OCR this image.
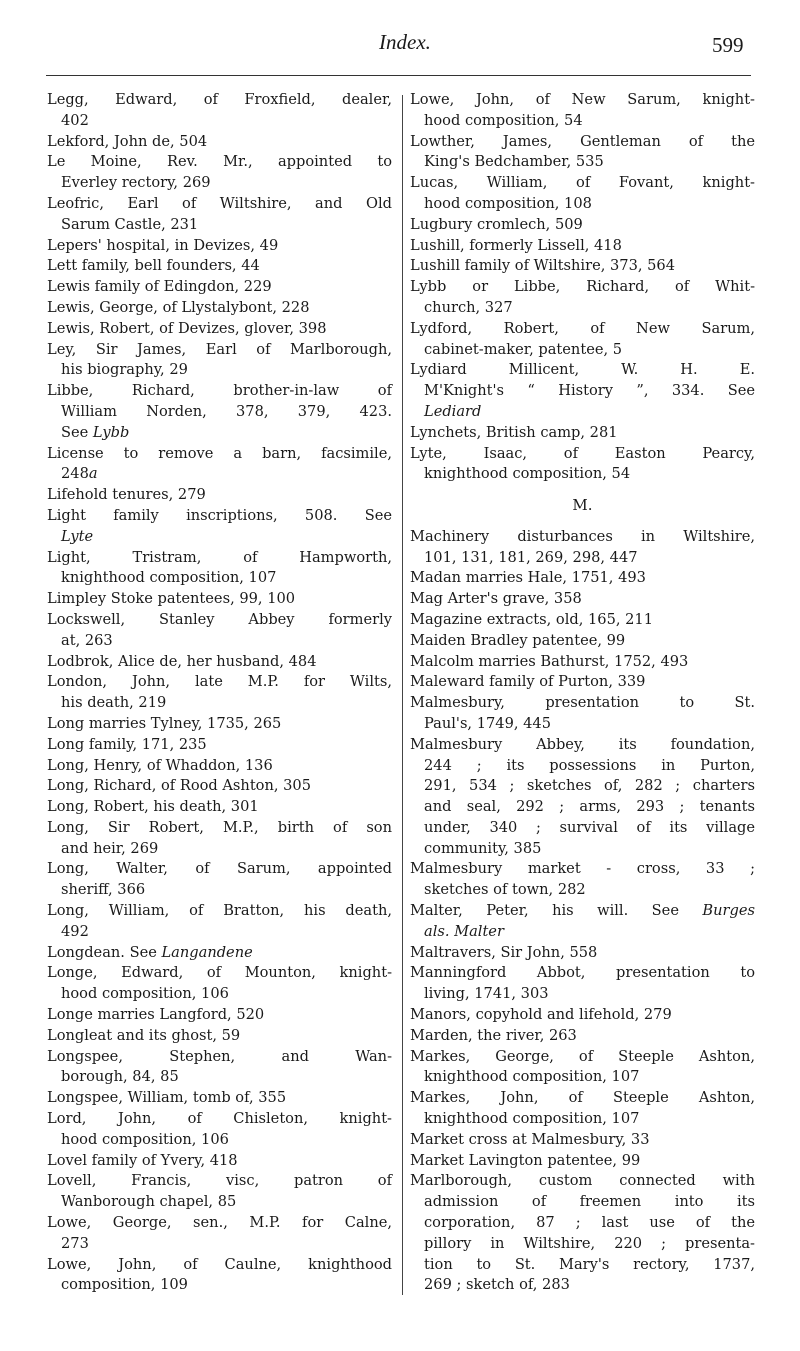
Index.	599
Legg, Edward, of Froxfield, dealer,
402
Lekford, John de, 504
Le Moine, Rev. Mr., appointed to
Everley rectory, 269
Leofric, Earl of Wiltshire, and Old
Sarum Castle, 231
Lepers' hospital, in Devizes, 49
Lett family, bell founders, 44
Lewis family of Edingdon, 229
Lewis, George, of Llystalybont, 228
Lewis, Robert, of Devizes, glover, 398
Ley, Sir James, Earl of Marlborough,
his biography, 29
Libbe, Richard, brother-in-law of
William Norden, 378, 379, 423.
See Lybb
License to remove a barn, facsimile,
248a
Lifehold tenures, 279
Light family inscriptions, 508. See
Lyte
Light, Tristram, of Hampworth,
knighthood composition, 107
Limpley Stoke patentees, 99, 100
Lockswell, Stanley Abbey formerly
at, 263
Lodbrok, Alice de, her husband, 484
London, John, late M.P. for Wilts,
his death, 219
Long marries Tylney, 1735, 265
Long family, 171, 235
Long, Henry, of Whaddon, 136
Long, Richard, of Rood Ashton, 305
Long, Robert, his death, 301
Long, Sir Robert, M.P., birth of son
and heir, 269
Long, Walter, of Sarum, appointed
sheriff, 366
Long, William, of Bratton, his death,
492
Longdean. See Langandene
Longe, Edward, of Mounton, knight-
hood composition, 106
Longe marries Langford, 520
Longleat and its ghost, 59
Longspee, Stephen, and Wan-
borough, 84, 85
Longspee, William, tomb of, 355
Lord, John, of Chisleton, knight-
hood composition, 106
Lovel family of Yvery, 418
Lovell, Francis, visc, patron of
Wanborough chapel, 85
Lowe, George, sen., M.P. for Calne,
273
Lowe, John, of Caulne, knighthood
composition, 109
Lowe, John, of New Sarum, knight-
hood composition, 54
Lowther, James, Gentleman of the
King's Bedchamber, 535
Lucas, William, of Fovant, knight-
hood composition, 108
Lugbury cromlech, 509
Lushill, formerly Lissell, 418
Lushill family of Wiltshire, 373, 564
Lybb or Libbe, Richard, of Whit-
church, 327
Lydford, Robert, of New Sarum,
cabinet-maker, patentee, 5
Lydiard Millicent, W. H. E.
M'Knight's “ History ”, 334. See
Lediard
Lynchets, British camp, 281
Lyte, Isaac, of Easton Pearcy,
knighthood composition, 54
M.
Machinery disturbances in Wiltshire,
101, 131, 181, 269, 298, 447
Madan marries Hale, 1751, 493
Mag Arter's grave, 358
Magazine extracts, old, 165, 211
Maiden Bradley patentee, 99
Malcolm marries Bathurst, 1752, 493
Maleward family of Purton, 339
Malmesbury, presentation to St.
Paul's, 1749, 445
Malmesbury Abbey, its foundation,
244 ; its possessions in Purton,
291, 534 ; sketches of, 282 ; charters
and seal, 292 ; arms, 293 ; tenants
under, 340 ; survival of its village
community, 385
Malmesbury market - cross, 33 ;
sketches of town, 282
Malter, Peter, his will. See Burges
als. Malter
Maltravers, Sir John, 558
Manningford Abbot, presentation to
living, 1741, 303
Manors, copyhold and lifehold, 279
Marden, the river, 263
Markes, George, of Steeple Ashton,
knighthood composition, 107
Markes, John, of Steeple Ashton,
knighthood composition, 107
Market cross at Malmesbury, 33
Market Lavington patentee, 99
Marlborough, custom connected with
admission of freemen into its
corporation, 87 ; last use of the
pillory in Wiltshire, 220 ; presenta-
tion to St. Mary's rectory, 1737,
269 ; sketch of, 283
